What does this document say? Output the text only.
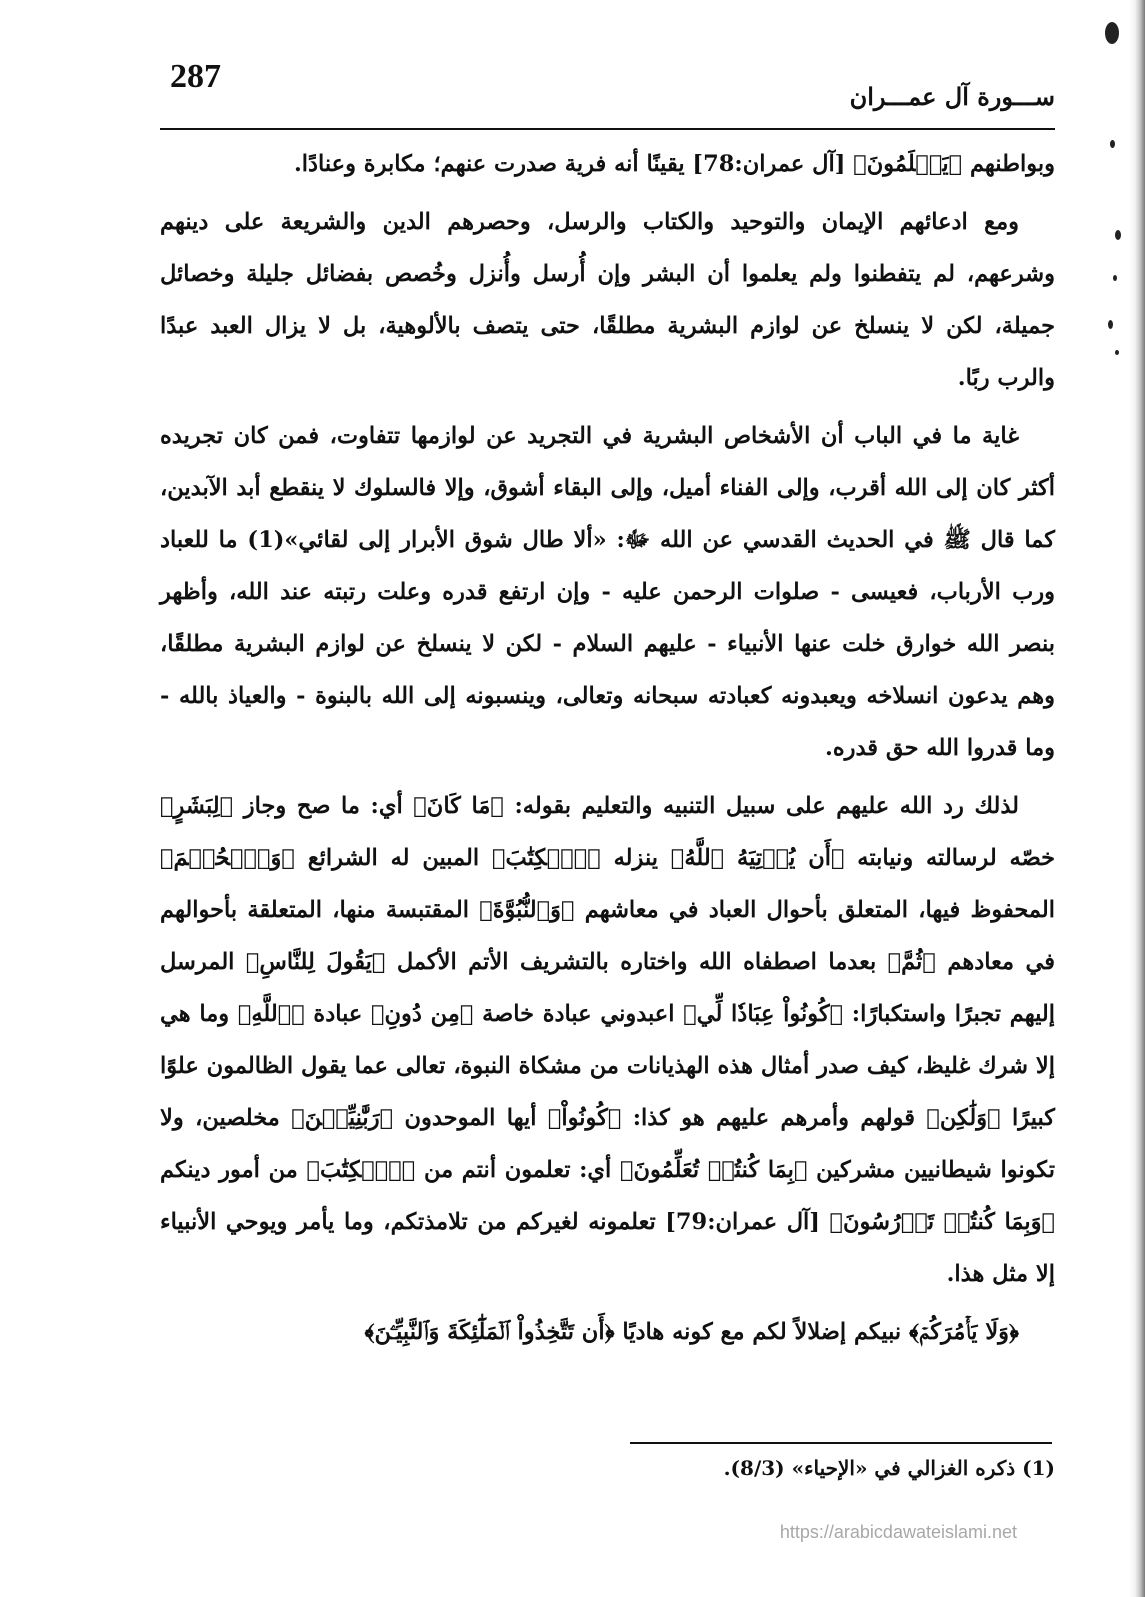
287
ســـورة آل عمـــران

وبواطنهم ﴿يَعۡلَمُونَ﴾ [آل عمران:78] يقينًا أنه فرية صدرت عنهم؛ مكابرة وعنادًا.

ومع ادعائهم الإيمان والتوحيد والكتاب والرسل، وحصرهم الدين والشريعة على دينهم وشرعهم، لم يتفطنوا ولم يعلموا أن البشر وإن أُرسل وأُنزل وخُصص بفضائل جليلة وخصائل جميلة، لكن لا ينسلخ عن لوازم البشرية مطلقًا، حتى يتصف بالألوهية، بل لا يزال العبد عبدًا والرب ربًا.

غاية ما في الباب أن الأشخاص البشرية في التجريد عن لوازمها تتفاوت، فمن كان تجريده أكثر كان إلى الله أقرب، وإلى الفناء أميل، وإلى البقاء أشوق، وإلا فالسلوك لا ينقطع أبد الآبدين، كما قال ﷺ في الحديث القدسي عن الله ﷻ: «ألا طال شوق الأبرار إلى لقائي»(1) ما للعباد ورب الأرباب، فعيسى - صلوات الرحمن عليه - وإن ارتفع قدره وعلت رتبته عند الله، وأظهر بنصر الله خوارق خلت عنها الأنبياء - عليهم السلام - لكن لا ينسلخ عن لوازم البشرية مطلقًا، وهم يدعون انسلاخه ويعبدونه كعبادته سبحانه وتعالى، وينسبونه إلى الله بالبنوة - والعياذ بالله - وما قدروا الله حق قدره.

لذلك رد الله عليهم على سبيل التنبيه والتعليم بقوله: ﴿مَا كَانَ﴾ أي: ما صح وجاز ﴿لِبَشَرٍ﴾ خصّه لرسالته ونيابته ﴿أَن يُؤۡتِيَهُ ٱللَّهُ﴾ ينزله ﴿ٱلۡكِتَٰبَ﴾ المبين له الشرائع ﴿وَٱلۡحُكۡمَ﴾ المحفوظ فيها، المتعلق بأحوال العباد في معاشهم ﴿وَٱلنُّبُوَّةَ﴾ المقتبسة منها، المتعلقة بأحوالهم في معادهم ﴿ثُمَّ﴾ بعدما اصطفاه الله واختاره بالتشريف الأتم الأكمل ﴿يَقُولَ لِلنَّاسِ﴾ المرسل إليهم تجبرًا واستكبارًا: ﴿كُونُواْ عِبَادٗا لِّي﴾ اعبدوني عبادة خاصة ﴿مِن دُونِ﴾ عبادة ﴿ٱللَّهِ﴾ وما هي إلا شرك غليظ، كيف صدر أمثال هذه الهذيانات من مشكاة النبوة، تعالى عما يقول الظالمون علوًا كبيرًا ﴿وَلَٰكِن﴾ قولهم وأمرهم عليهم هو كذا: ﴿كُونُواْ﴾ أيها الموحدون ﴿رَبَّٰنِيِّـۧنَ﴾ مخلصين، ولا تكونوا شيطانيين مشركين ﴿بِمَا كُنتُمۡ تُعَلِّمُونَ﴾ أي: تعلمون أنتم من ﴿ٱلۡكِتَٰبَ﴾ من أمور دينكم ﴿وَبِمَا كُنتُمۡ تَدۡرُسُونَ﴾ [آل عمران:79] تعلمونه لغيركم من تلامذتكم، وما يأمر ويوحي الأنبياء إلا مثل هذا.

﴿وَلَا يَأۡمُرَكُمۡ﴾ نبيكم إضلالاً لكم مع كونه هاديًا ﴿أَن تَتَّخِذُواْ ٱلۡمَلَٰٓئِكَةَ وَٱلنَّبِيِّـۧنَ﴾

(1) ذكره الغزالي في «الإحياء» (8/3).
https://arabicdawateislami.net
